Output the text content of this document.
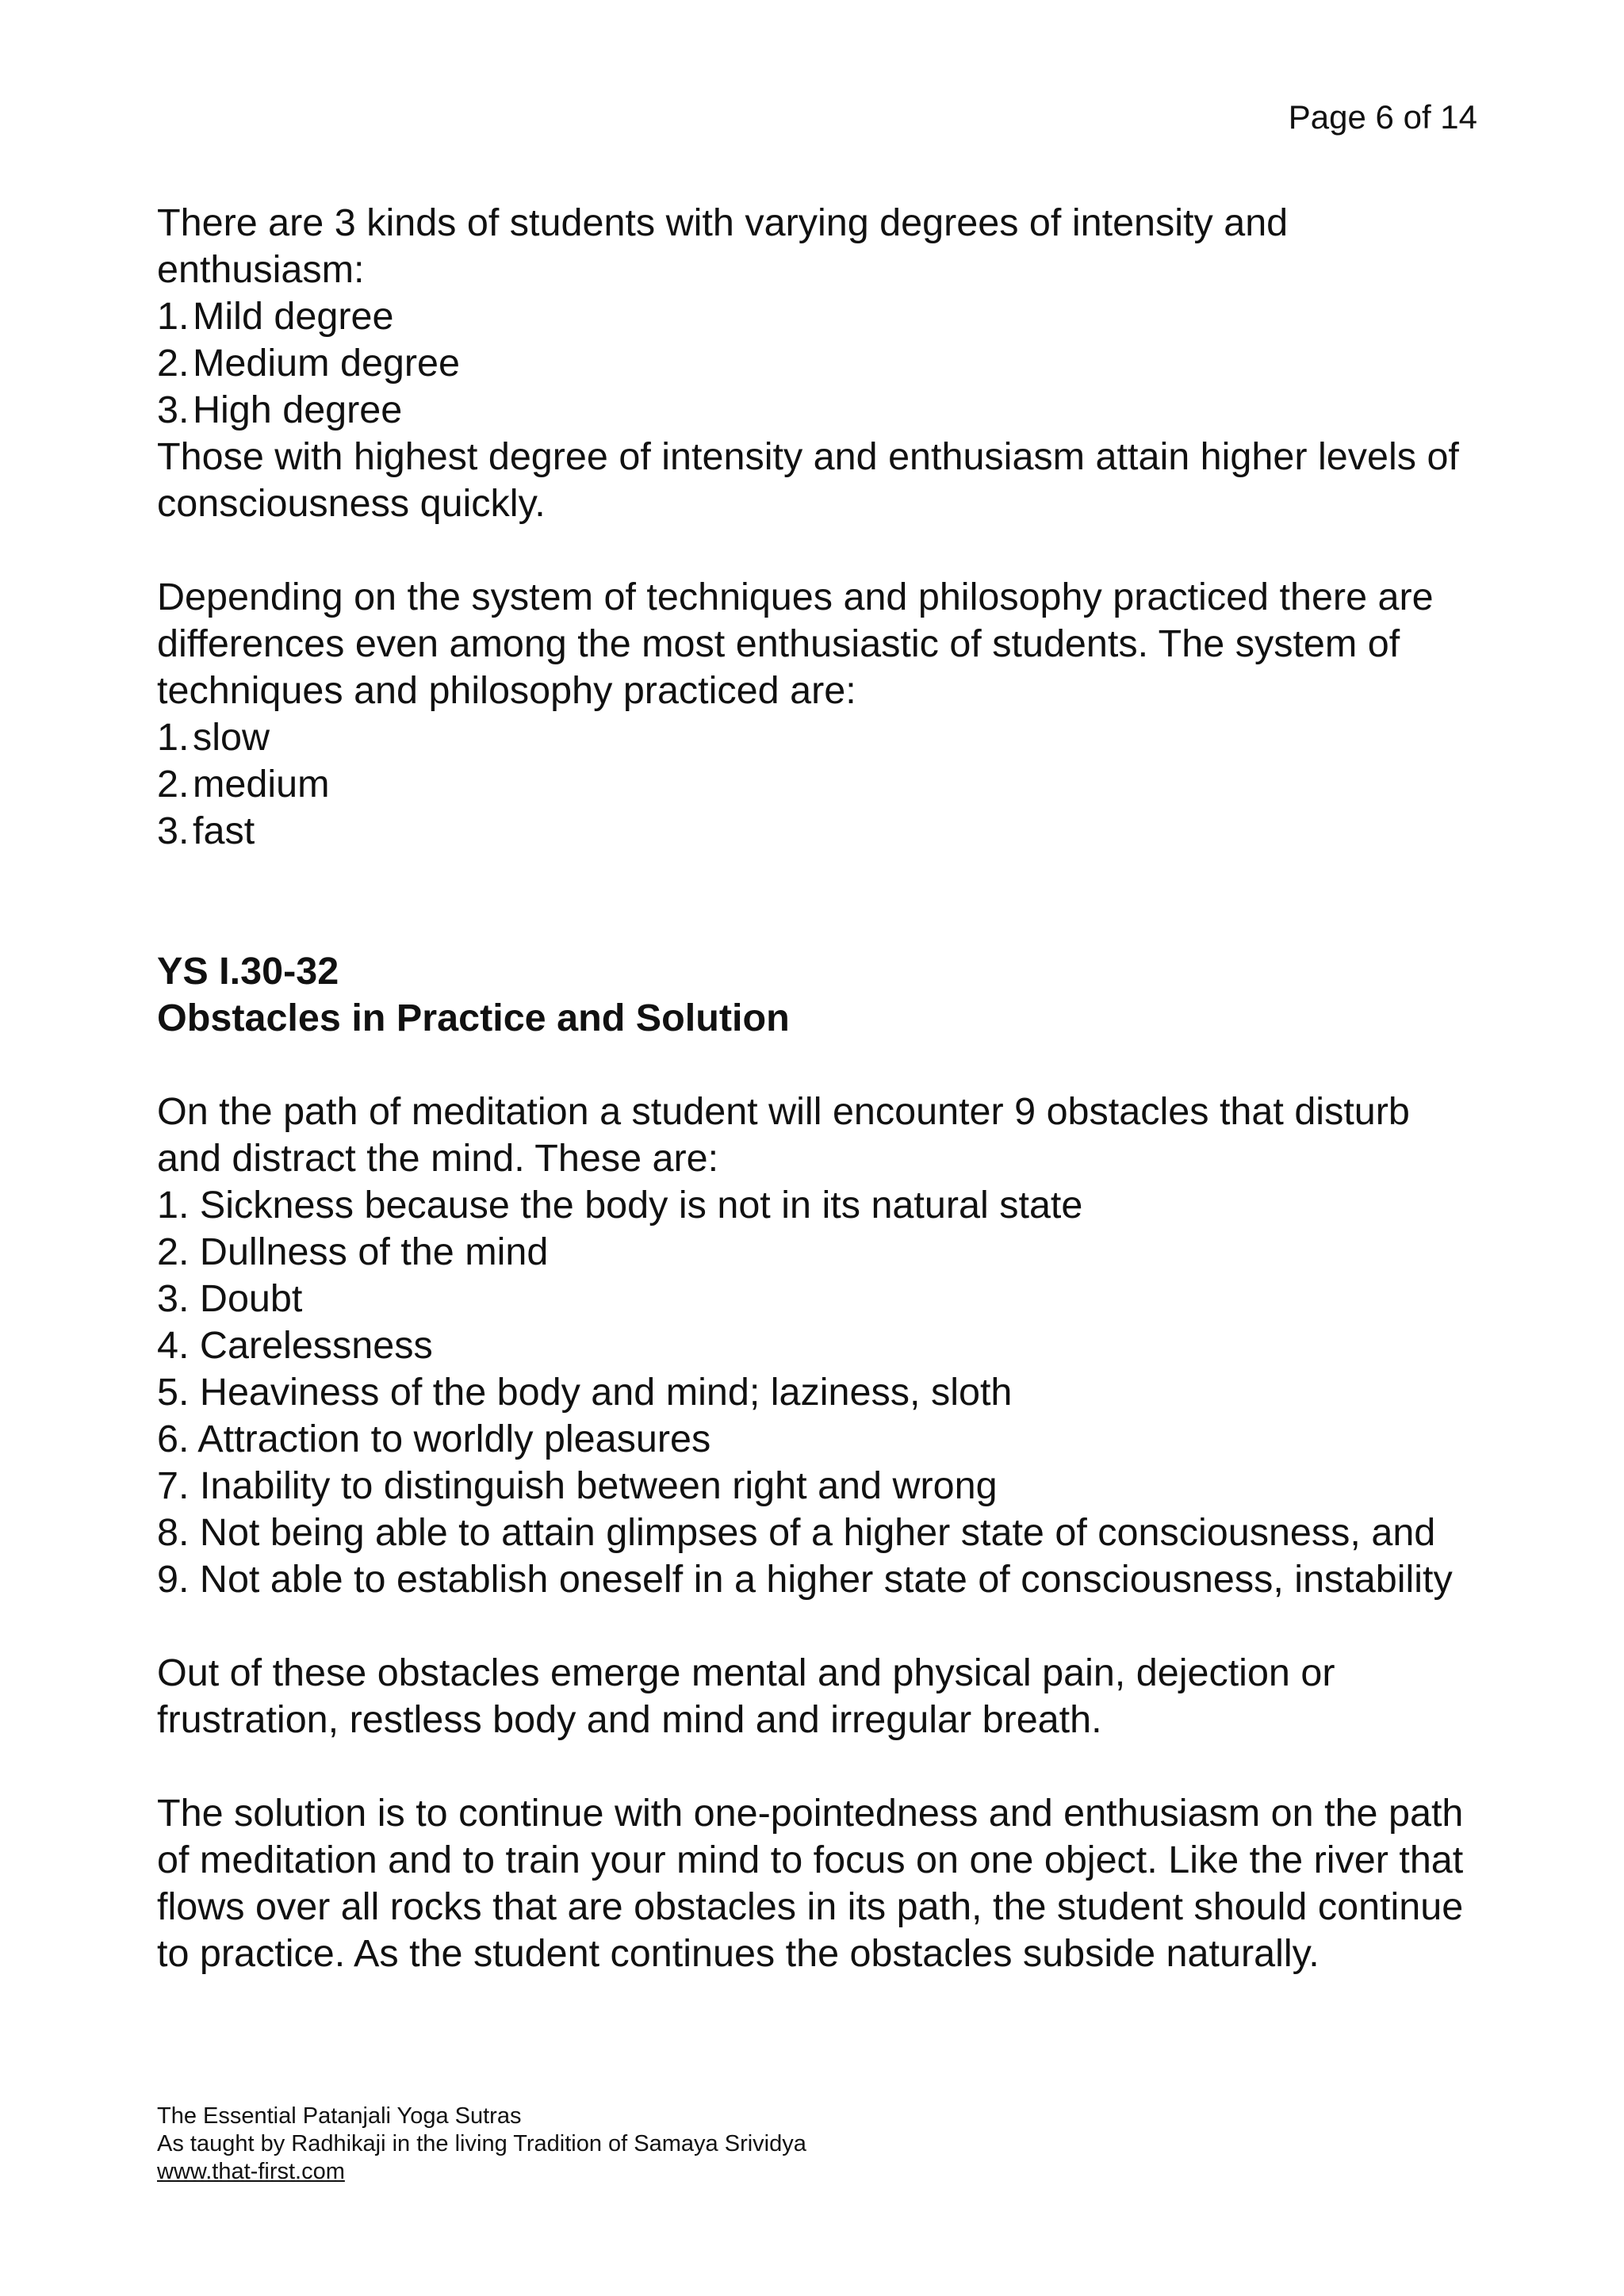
Page 6 of 14
There are 3 kinds of students with varying degrees of intensity and
enthusiasm:
1. Mild degree
2. Medium degree
3. High degree
Those with highest degree of intensity and enthusiasm attain higher levels of
consciousness quickly.
Depending on the system of techniques and philosophy practiced there are
differences even among the most enthusiastic of students. The system of
techniques and philosophy practiced are:
1. slow
2. medium
3. fast
YS I.30-32
Obstacles in Practice and Solution
On the path of meditation a student will encounter 9 obstacles that disturb
and distract the mind. These are:
1. Sickness because the body is not in its natural state
2. Dullness of the mind
3. Doubt
4. Carelessness
5. Heaviness of the body and mind; laziness, sloth
6. Attraction to worldly pleasures
7. Inability to distinguish between right and wrong
8. Not being able to attain glimpses of a higher state of consciousness, and
9. Not able to establish oneself in a higher state of consciousness, instability
Out of these obstacles emerge mental and physical pain, dejection or
frustration, restless body and mind and irregular breath.
The solution is to continue with one-pointedness and enthusiasm on the path
of meditation and to train your mind to focus on one object. Like the river that
flows over all rocks that are obstacles in its path, the student should continue
to practice. As the student continues the obstacles subside naturally.
The Essential Patanjali Yoga Sutras
As taught by Radhikaji in the living Tradition of Samaya Srividya
www.that-first.com
